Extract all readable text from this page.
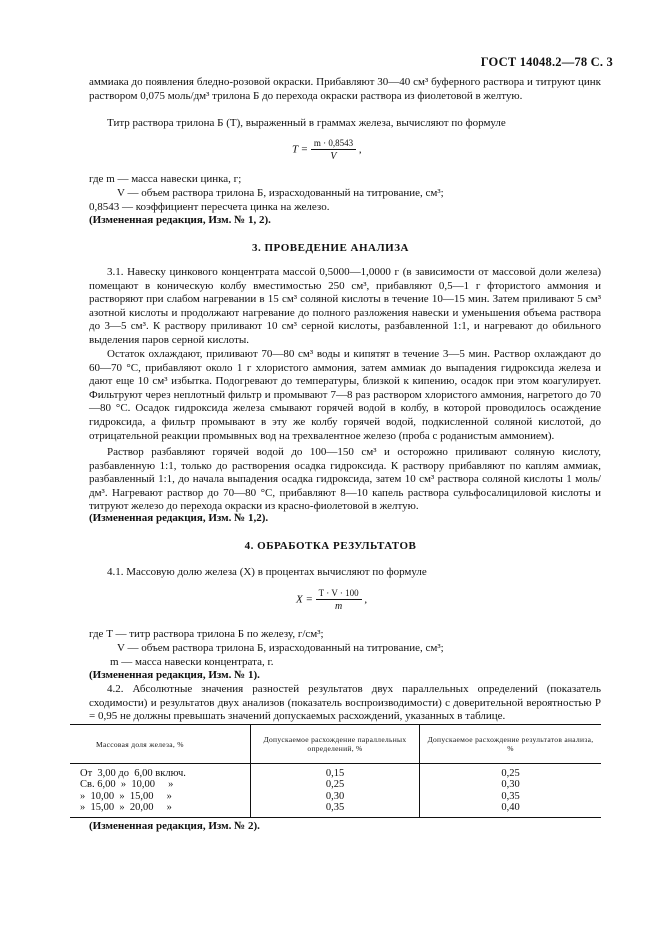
ГОСТ 14048.2—78 С. 3
аммиака до появления бледно-розовой окраски. Прибавляют 30—40 см³ буферного раствора и титруют цинк раствором 0,075 моль/дм³ трилона Б до перехода окраски раствора из фиолетовой в желтую.
Титр раствора трилона Б (T), выраженный в граммах железа, вычисляют по формуле
$T = \frac{m \cdot 0,8543}{V}$ ,
где m — масса навески цинка, г;
V — объем раствора трилона Б, израсходованный на титрование, см³;
0,8543 — коэффициент пересчета цинка на железо.
(Измененная редакция, Изм. № 1, 2).
3. ПРОВЕДЕНИЕ АНАЛИЗА
3.1. Навеску цинкового концентрата массой 0,5000—1,0000 г (в зависимости от массовой доли железа) помещают в коническую колбу вместимостью 250 см³, прибавляют 0,5—1 г фтористого аммония и растворяют при слабом нагревании в 15 см³ соляной кислоты в течение 10—15 мин. Затем приливают 5 см³ азотной кислоты и продолжают нагревание до полного разложения навески и уменьшения объема раствора до 3—5 см³. К раствору приливают 10 см³ серной кислоты, разбавленной 1:1, и нагревают до обильного выделения паров серной кислоты.
Остаток охлаждают, приливают 70—80 см³ воды и кипятят в течение 3—5 мин. Раствор охлаждают до 60—70 °С, прибавляют около 1 г хлористого аммония, затем аммиак до выпадения гидроксида железа и дают еще 10 см³ избытка. Подогревают до температуры, близкой к кипению, осадок при этом коагулирует. Фильтруют через неплотный фильтр и промывают 7—8 раз раствором хлористого аммония, нагретого до 70—80 °С. Осадок гидроксида железа смывают горячей водой в колбу, в которой проводилось осаждение гидроксида, а фильтр промывают в эту же колбу горячей водой, подкисленной соляной кислотой, до отрицательной реакции промывных вод на трехвалентное железо (проба с роданистым аммонием).
Раствор разбавляют горячей водой до 100—150 см³ и осторожно приливают соляную кислоту, разбавленную 1:1, только до растворения осадка гидроксида. К раствору прибавляют по каплям аммиак, разбавленный 1:1, до начала выпадения осадка гидроксида, затем 10 см³ раствора соляной кислоты 1 моль/дм³. Нагревают раствор до 70—80 °С, прибавляют 8—10 капель раствора сульфосалициловой кислоты и титруют железо до перехода окраски из красно-фиолетовой в желтую.
(Измененная редакция, Изм. № 1,2).
4. ОБРАБОТКА РЕЗУЛЬТАТОВ
4.1. Массовую долю железа (X) в процентах вычисляют по формуле
$X = \frac{T \cdot V \cdot 100}{m}$ ,
где T — титр раствора трилона Б по железу, г/см³;
V — объем раствора трилона Б, израсходованный на титрование, см³;
m — масса навески концентрата, г.
(Измененная редакция, Изм. № 1).
4.2. Абсолютные значения разностей результатов двух параллельных определений (показатель сходимости) и результатов двух анализов (показатель воспроизводимости) с доверительной вероятностью P = 0,95 не должны превышать значений допускаемых расхождений, указанных в таблице.
Массовая доля железа, %	Допускаемое расхождение параллельных определений, %	Допускаемое расхождение результатов анализа, %
От  3,00 до  6,00 включ.	0,15	0,25
Св. 6,00  »  10,00     »	0,25	0,30
»  10,00  »  15,00     »	0,30	0,35
»  15,00  »  20,00     »	0,35	0,40
(Измененная редакция, Изм. № 2).
